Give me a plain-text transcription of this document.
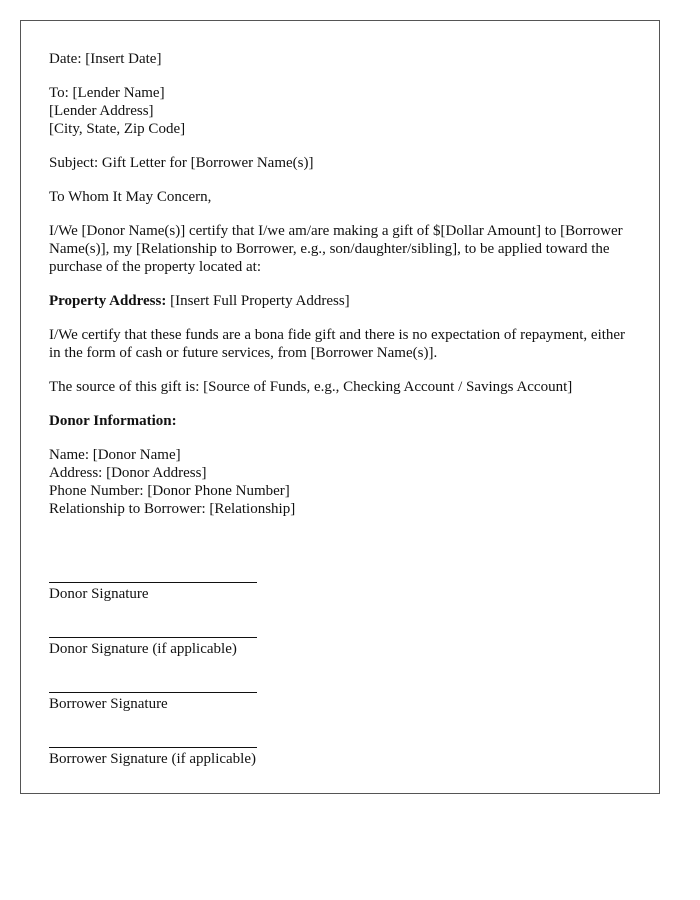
Date: [Insert Date]

To: [Lender Name]
[Lender Address]
[City, State, Zip Code]

Subject: Gift Letter for [Borrower Name(s)]

To Whom It May Concern,

I/We [Donor Name(s)] certify that I/we am/are making a gift of $[Dollar Amount] to [Borrower Name(s)], my [Relationship to Borrower, e.g., son/daughter/sibling], to be applied toward the purchase of the property located at:

Property Address: [Insert Full Property Address]

I/We certify that these funds are a bona fide gift and there is no expectation of repayment, either in the form of cash or future services, from [Borrower Name(s)].

The source of this gift is: [Source of Funds, e.g., Checking Account / Savings Account]

Donor Information:

Name: [Donor Name]
Address: [Donor Address]
Phone Number: [Donor Phone Number]
Relationship to Borrower: [Relationship]

Donor Signature
Donor Signature (if applicable)
Borrower Signature
Borrower Signature (if applicable)
